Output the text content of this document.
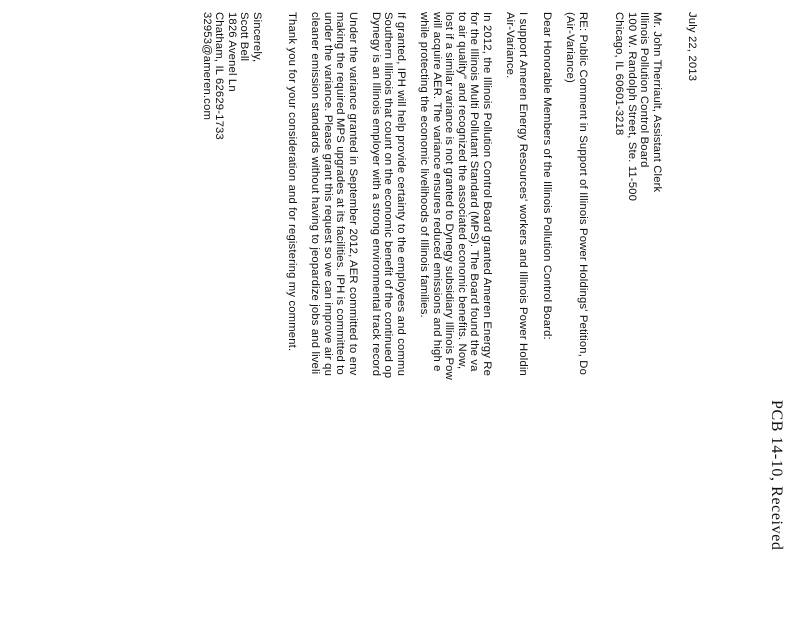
PCB 14-10, Received
July 22, 2013
Mr. John Therriault, Assistant Clerk
Illinois Pollution Control Board
100 W. Randolph Street, Ste. 11-500
Chicago, IL 60601-3218
RE: Public Comment in Support of Illinois Power Holdings' Petition, Do
(Air-Variance)
Dear Honorable Members of the Illinois Pollution Control Board:
I support Ameren Energy Resources' workers and Illinois Power Holdin
Air-Variance.
In 2012, the Illinois Pollution Control Board granted Ameren Energy Re
for the Illinois Multi Pollutant Standard (MPS). The Board found the va
to air quality" and recognized the associated economic benefits. Now,
lost if a similar variance is not granted to Dynegy subsidiary Illinois Pow
will acquire AER. The variance ensures reduced emissions and high e
while protecting the economic livelihoods of Illinois families.
If granted, IPH will help provide certainty to the employees and commu
Southern Illinois that count on the economic benefit of the continued op
Dynegy is an Illinois employer with a strong environmental track record
Under the variance granted in September 2012, AER committed to env
making the required MPS upgrades at its facilities. IPH is committed to
under the variance. Please grant this request so we can improve air qu
cleaner emission standards without having to jeopardize jobs and liveli
Thank you for your consideration and for registering my comment.
Sincerely,
Scott Bell
1826 Avenel Ln
Chatham, IL 62629-1733
32953@ameren.com
